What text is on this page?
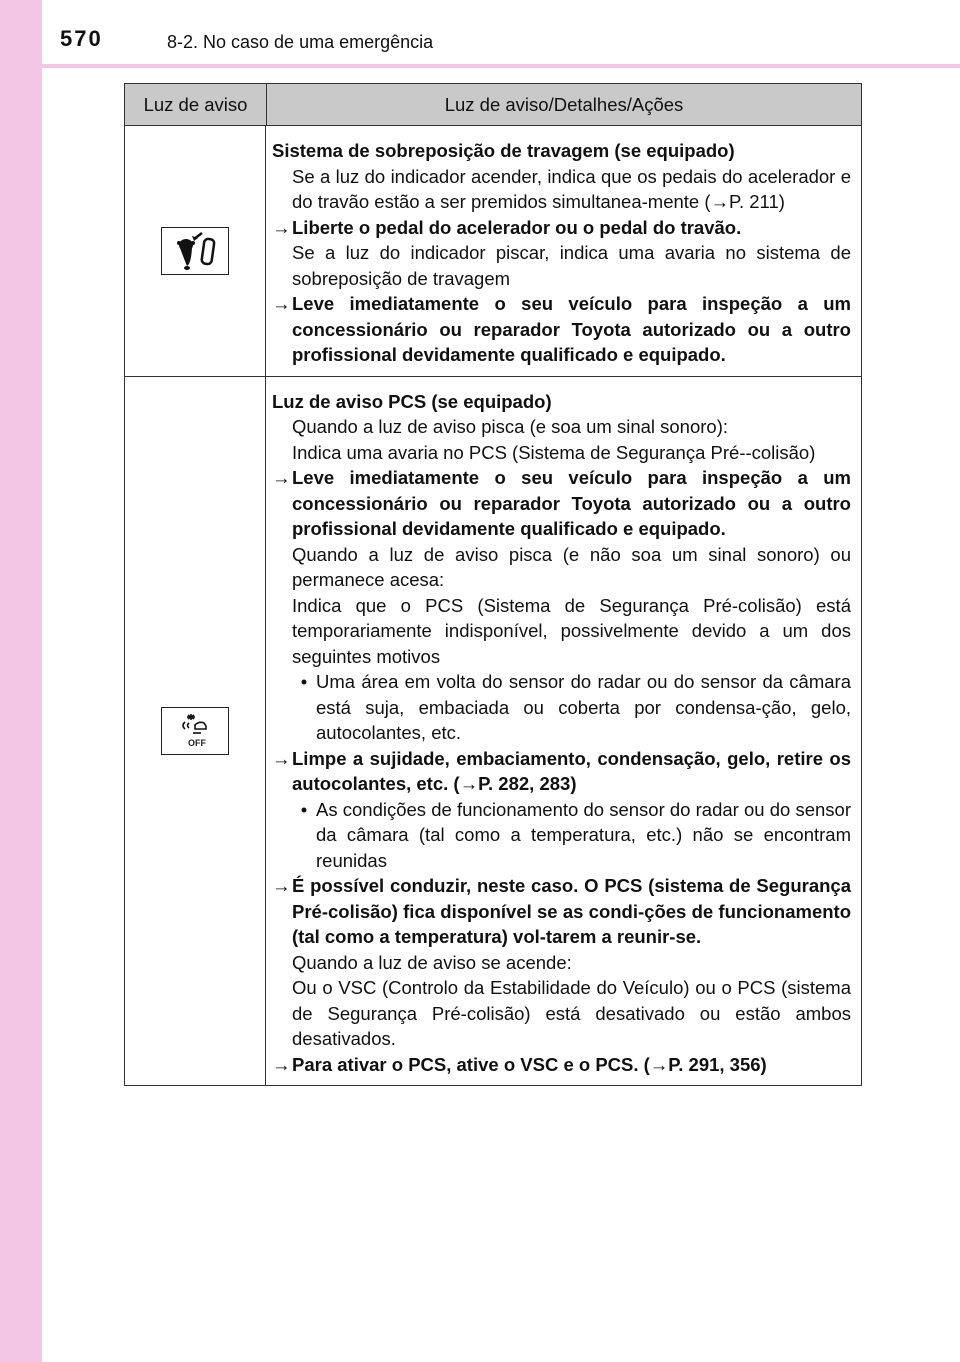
570	8-2. No caso de uma emergência
Luz de aviso	Luz de aviso/Detalhes/Ações

Sistema de sobreposição de travagem (se equipado)

Se a luz do indicador acender, indica que os pedais do acelerador e do travão estão a ser premidos simultanea-mente (→P. 211)

→ Liberte o pedal do acelerador ou o pedal do travão.

Se a luz do indicador piscar, indica uma avaria no sistema de sobreposição de travagem

→ Leve imediatamente o seu veículo para inspeção a um concessionário ou reparador Toyota autorizado ou a outro profissional devidamente qualificado e equipado.
OFF

Luz de aviso PCS (se equipado)

Quando a luz de aviso pisca (e soa um sinal sonoro):

Indica uma avaria no PCS (Sistema de Segurança Pré--colisão)

→ Leve imediatamente o seu veículo para inspeção a um concessionário ou reparador Toyota autorizado ou a outro profissional devidamente qualificado e equipado.

Quando a luz de aviso pisca (e não soa um sinal sonoro) ou permanece acesa:

Indica que o PCS (Sistema de Segurança Pré-colisão) está temporariamente indisponível, possivelmente devido a um dos seguintes motivos

• Uma área em volta do sensor do radar ou do sensor da câmara está suja, embaciada ou coberta por condensa-ção, gelo, autocolantes, etc.
→ Limpe a sujidade, embaciamento, condensação, gelo, retire os autocolantes, etc. (→P. 282, 283)
• As condições de funcionamento do sensor do radar ou do sensor da câmara (tal como a temperatura, etc.) não se encontram reunidas
→ É possível conduzir, neste caso. O PCS (sistema de Segurança Pré-colisão) fica disponível se as condi-ções de funcionamento (tal como a temperatura) vol-tarem a reunir-se.

Quando a luz de aviso se acende:

Ou o VSC (Controlo da Estabilidade do Veículo) ou o PCS (sistema de Segurança Pré-colisão) está desativado ou estão ambos desativados.

→ Para ativar o PCS, ative o VSC e o PCS. (→P. 291, 356)
